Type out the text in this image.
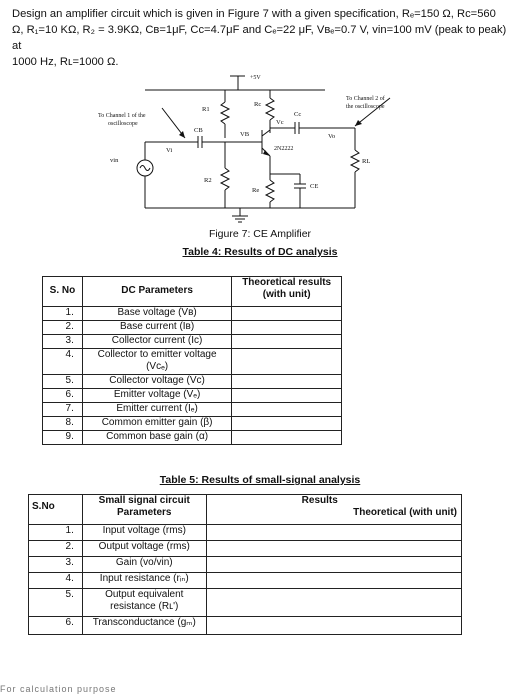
Design an amplifier circuit which is given in Figure 7 with a given specification, Rₑ=150 Ω, Rc=560
Ω, R₁=10 KΩ, R₂ = 3.9KΩ, Cʙ=1μF, Cc=4.7μF and Cₑ=22 μF, Vʙₑ=0.7 V, vin=100 mV (peak to peak) at
1000 Hz, Rʟ=1000 Ω.

+5V
To Channel 1 of the
oscilloscope
To Channel 2 of
the oscilloscope
R1
R2
Rc
Re
RL
CB
Cc
CE
Vc
VB
Vi
Vo
vin
2N2222
Figure 7: CE Amplifier
Table 4: Results of DC analysis
S. No	DC Parameters	Theoretical results
(with unit)
1.	Base voltage (Vʙ)	
2.	Base current (Iʙ)	
3.	Collector current (Ic)	
4.	Collector to emitter voltage (Vcₑ)	
5.	Collector voltage (Vc)	
6.	Emitter voltage (Vₑ)	
7.	Emitter current (Iₑ)	
8.	Common emitter gain (β)	
9.	Common base gain (α)	
Table 5: Results of small-signal analysis
S.No	Small signal circuit Parameters	Results
Theoretical (with unit)

1.	Input voltage (rms)	
2.	Output voltage (rms)	
3.	Gain (vo/vin)	
4.	Input resistance (rᵢₙ)	
5.	Output equivalent resistance (Rʟ')	
6.	Transconductance (gₘ)	
For calculation purpose
